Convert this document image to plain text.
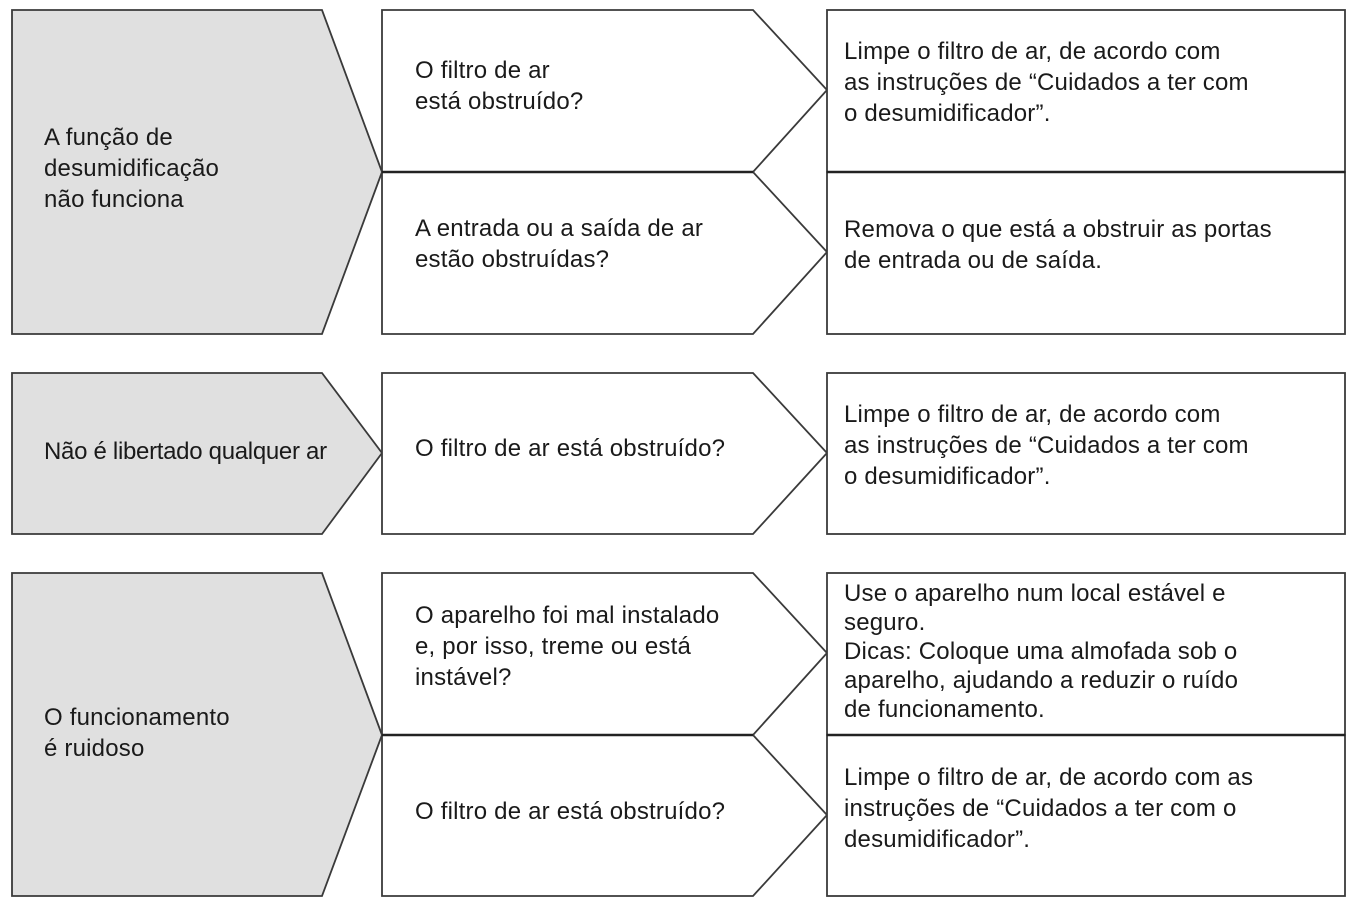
A função de
desumidificação
não funciona

O filtro de ar
está obstruído?

A entrada ou a saída de ar
estão obstruídas?

Limpe o filtro de ar, de acordo com
as instruções de “Cuidados a ter com
o desumidificador”.

Remova o que está a obstruir as portas
de entrada ou de saída.

Não é libertado qualquer ar	O filtro de ar está obstruído?

Limpe o filtro de ar, de acordo com
as instruções de “Cuidados a ter com
o desumidificador”.

O funcionamento
é ruidoso

O aparelho foi mal instalado
e, por isso, treme ou está
instável?

O filtro de ar está obstruído?

Use o aparelho num local estável e
seguro.
Dicas: Coloque uma almofada sob o
aparelho, ajudando a reduzir o ruído
de funcionamento.

Limpe o filtro de ar, de acordo com as
instruções de “Cuidados a ter com o
desumidificador”.
